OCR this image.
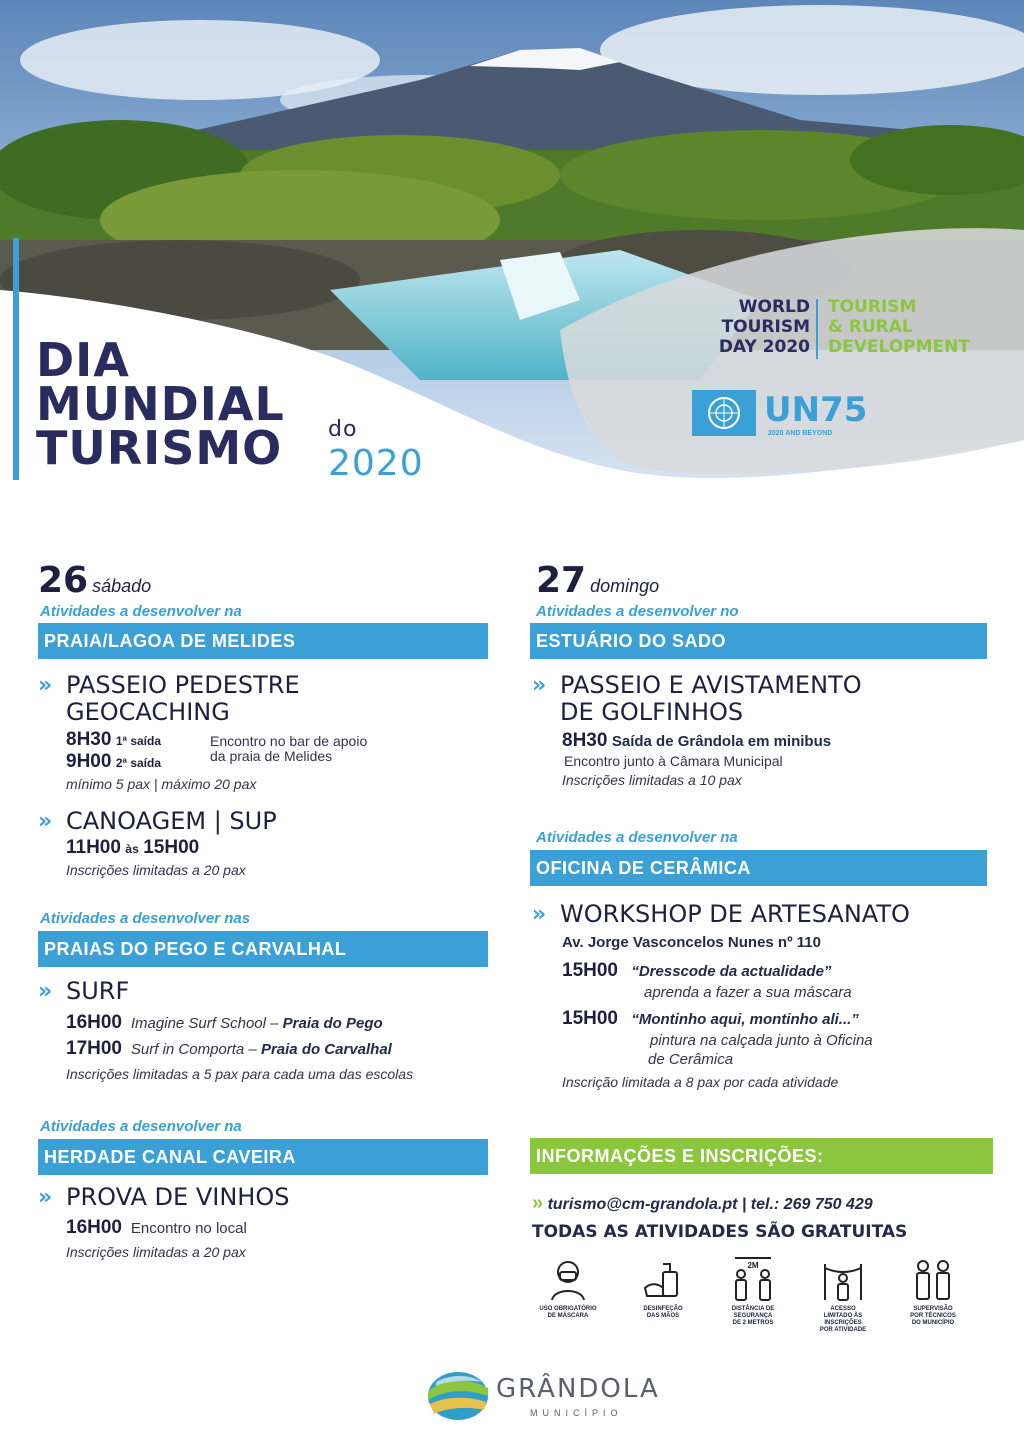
DIA
MUNDIAL
TURISMO do
2020
WORLD
TOURISM
DAY 2020
TOURISM
& RURAL
DEVELOPMENT
UN75
2020 AND BEYOND
26 sábado
Atividades a desenvolver na
PRAIA/LAGOA DE MELIDES
» PASSEIO PEDESTRE
GEOCACHING
8H30 1ª saída
9H00 2ª saída
Encontro no bar de apoio
da praia de Melides
mínimo 5 pax | máximo 20 pax
» CANOAGEM | SUP
11H00 às 15H00
Inscrições limitadas a 20 pax
Atividades a desenvolver nas
PRAIAS DO PEGO E CARVALHAL
» SURF
16H00 Imagine Surf School – Praia do Pego
17H00 Surf in Comporta – Praia do Carvalhal
Inscrições limitadas a 5 pax para cada uma das escolas
Atividades a desenvolver na
HERDADE CANAL CAVEIRA
» PROVA DE VINHOS
16H00 Encontro no local
Inscrições limitadas a 20 pax
27 domingo
Atividades a desenvolver no
ESTUÁRIO DO SADO
» PASSEIO E AVISTAMENTO
DE GOLFINHOS
8H30 Saída de Grândola em minibus
Encontro junto à Câmara Municipal
Inscrições limitadas a 10 pax
Atividades a desenvolver na
OFICINA DE CERÂMICA
» WORKSHOP DE ARTESANATO
Av. Jorge Vasconcelos Nunes nº 110
15H00 “Dresscode da actualidade”
aprenda a fazer a sua máscara
15H00 “Montinho aqui, montinho ali...”
pintura na calçada junto à Oficina
de Cerâmica
Inscrição limitada a 8 pax por cada atividade
INFORMAÇÕES E INSCRIÇÕES:
» turismo@cm-grandola.pt | tel.: 269 750 429
TODAS AS ATIVIDADES SÃO GRATUITAS
USO OBRIGATÓRIO
DE MÁSCARA
DESINFEÇÃO
DAS MÃOS
2M
DISTÂNCIA DE
SEGURANÇA
DE 2 METROS
ACESSO
LIMITADO ÀS
INSCRIÇÕES
POR ATIVIDADE
SUPERVISÃO
POR TÉCNICOS
DO MUNICÍPIO
GRÂNDOLA
MUNICÍPIO
